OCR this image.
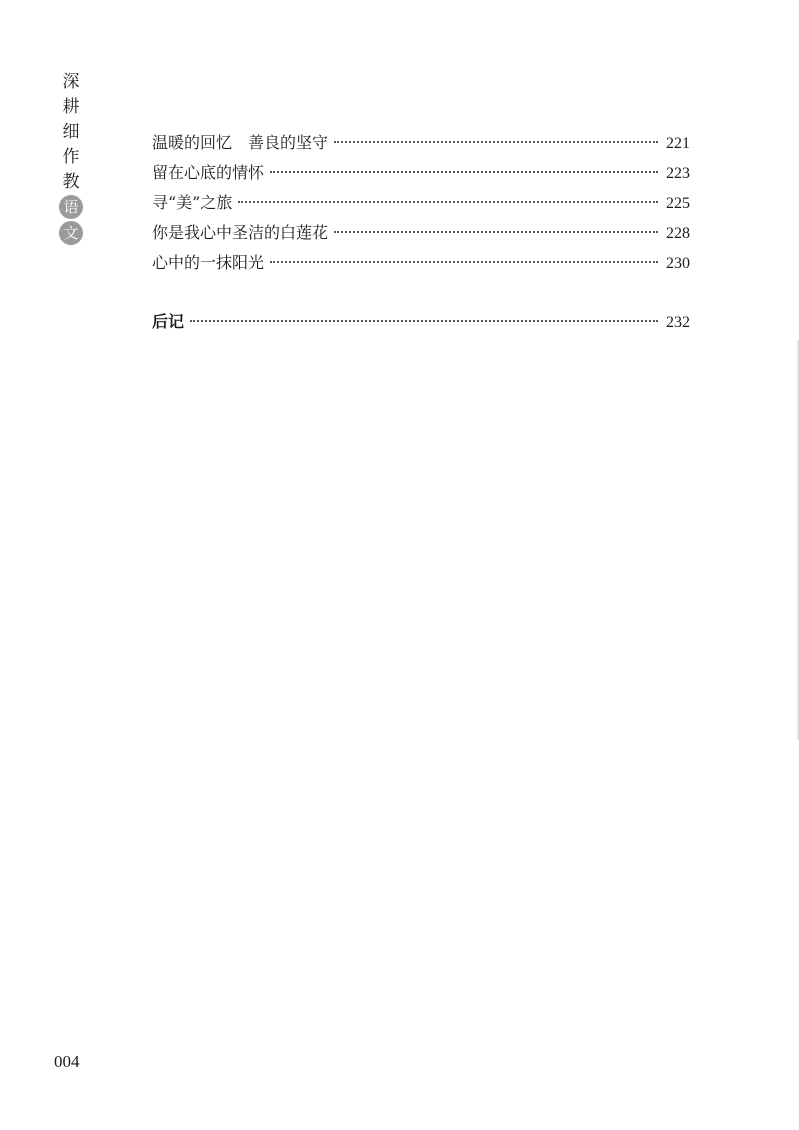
深
耕
细
作
教
语
文
温暖的回忆　善良的坚守	221
留在心底的情怀	223
寻“美”之旅	225
你是我心中圣洁的白莲花	228
心中的一抹阳光	230
后记	232
004
